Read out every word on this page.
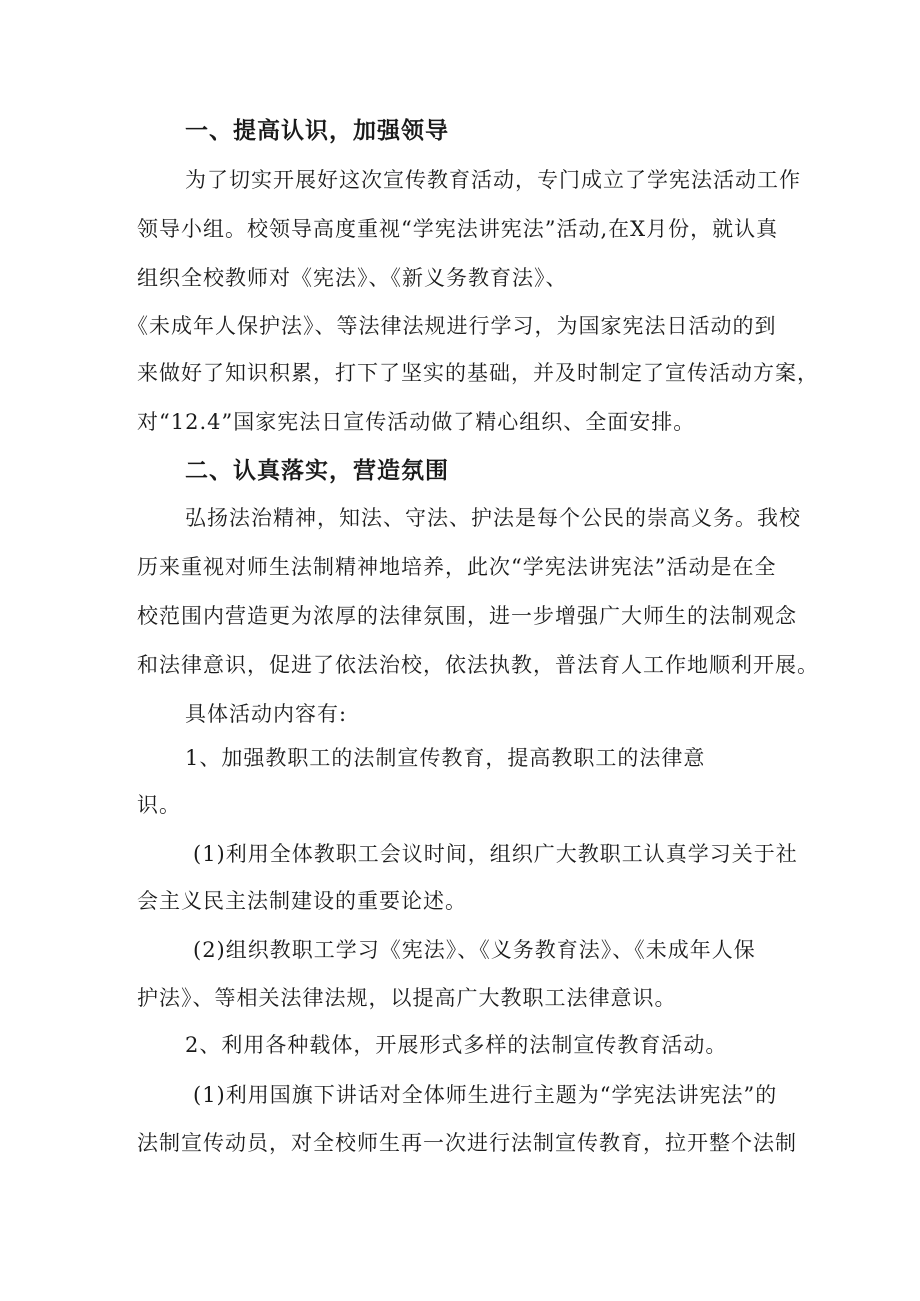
一、提高认识，加强领导
为了切实开展好这次宣传教育活动，专门成立了学宪法活动工作
领导小组。校领导高度重视“学宪法讲宪法”活动,在X月份，就认真
组织全校教师对《宪法》、《新义务教育法》、
《未成年人保护法》、等法律法规进行学习，为国家宪法日活动的到
来做好了知识积累，打下了坚实的基础，并及时制定了宣传活动方案，
对“12.4”国家宪法日宣传活动做了精心组织、全面安排。
二、认真落实，营造氛围
弘扬法治精神，知法、守法、护法是每个公民的崇高义务。我校
历来重视对师生法制精神地培养，此次“学宪法讲宪法”活动是在全
校范围内营造更为浓厚的法律氛围，进一步增强广大师生的法制观念
和法律意识，促进了依法治校，依法执教，普法育人工作地顺利开展。
具体活动内容有:
1、加强教职工的法制宣传教育，提高教职工的法律意
识。
(1)利用全体教职工会议时间，组织广大教职工认真学习关于社
会主义民主法制建设的重要论述。
(2)组织教职工学习《宪法》、《义务教育法》、《未成年人保
护法》、等相关法律法规，以提高广大教职工法律意识。
2、利用各种载体，开展形式多样的法制宣传教育活动。
(1)利用国旗下讲话对全体师生进行主题为“学宪法讲宪法”的
法制宣传动员，对全校师生再一次进行法制宣传教育，拉开整个法制
